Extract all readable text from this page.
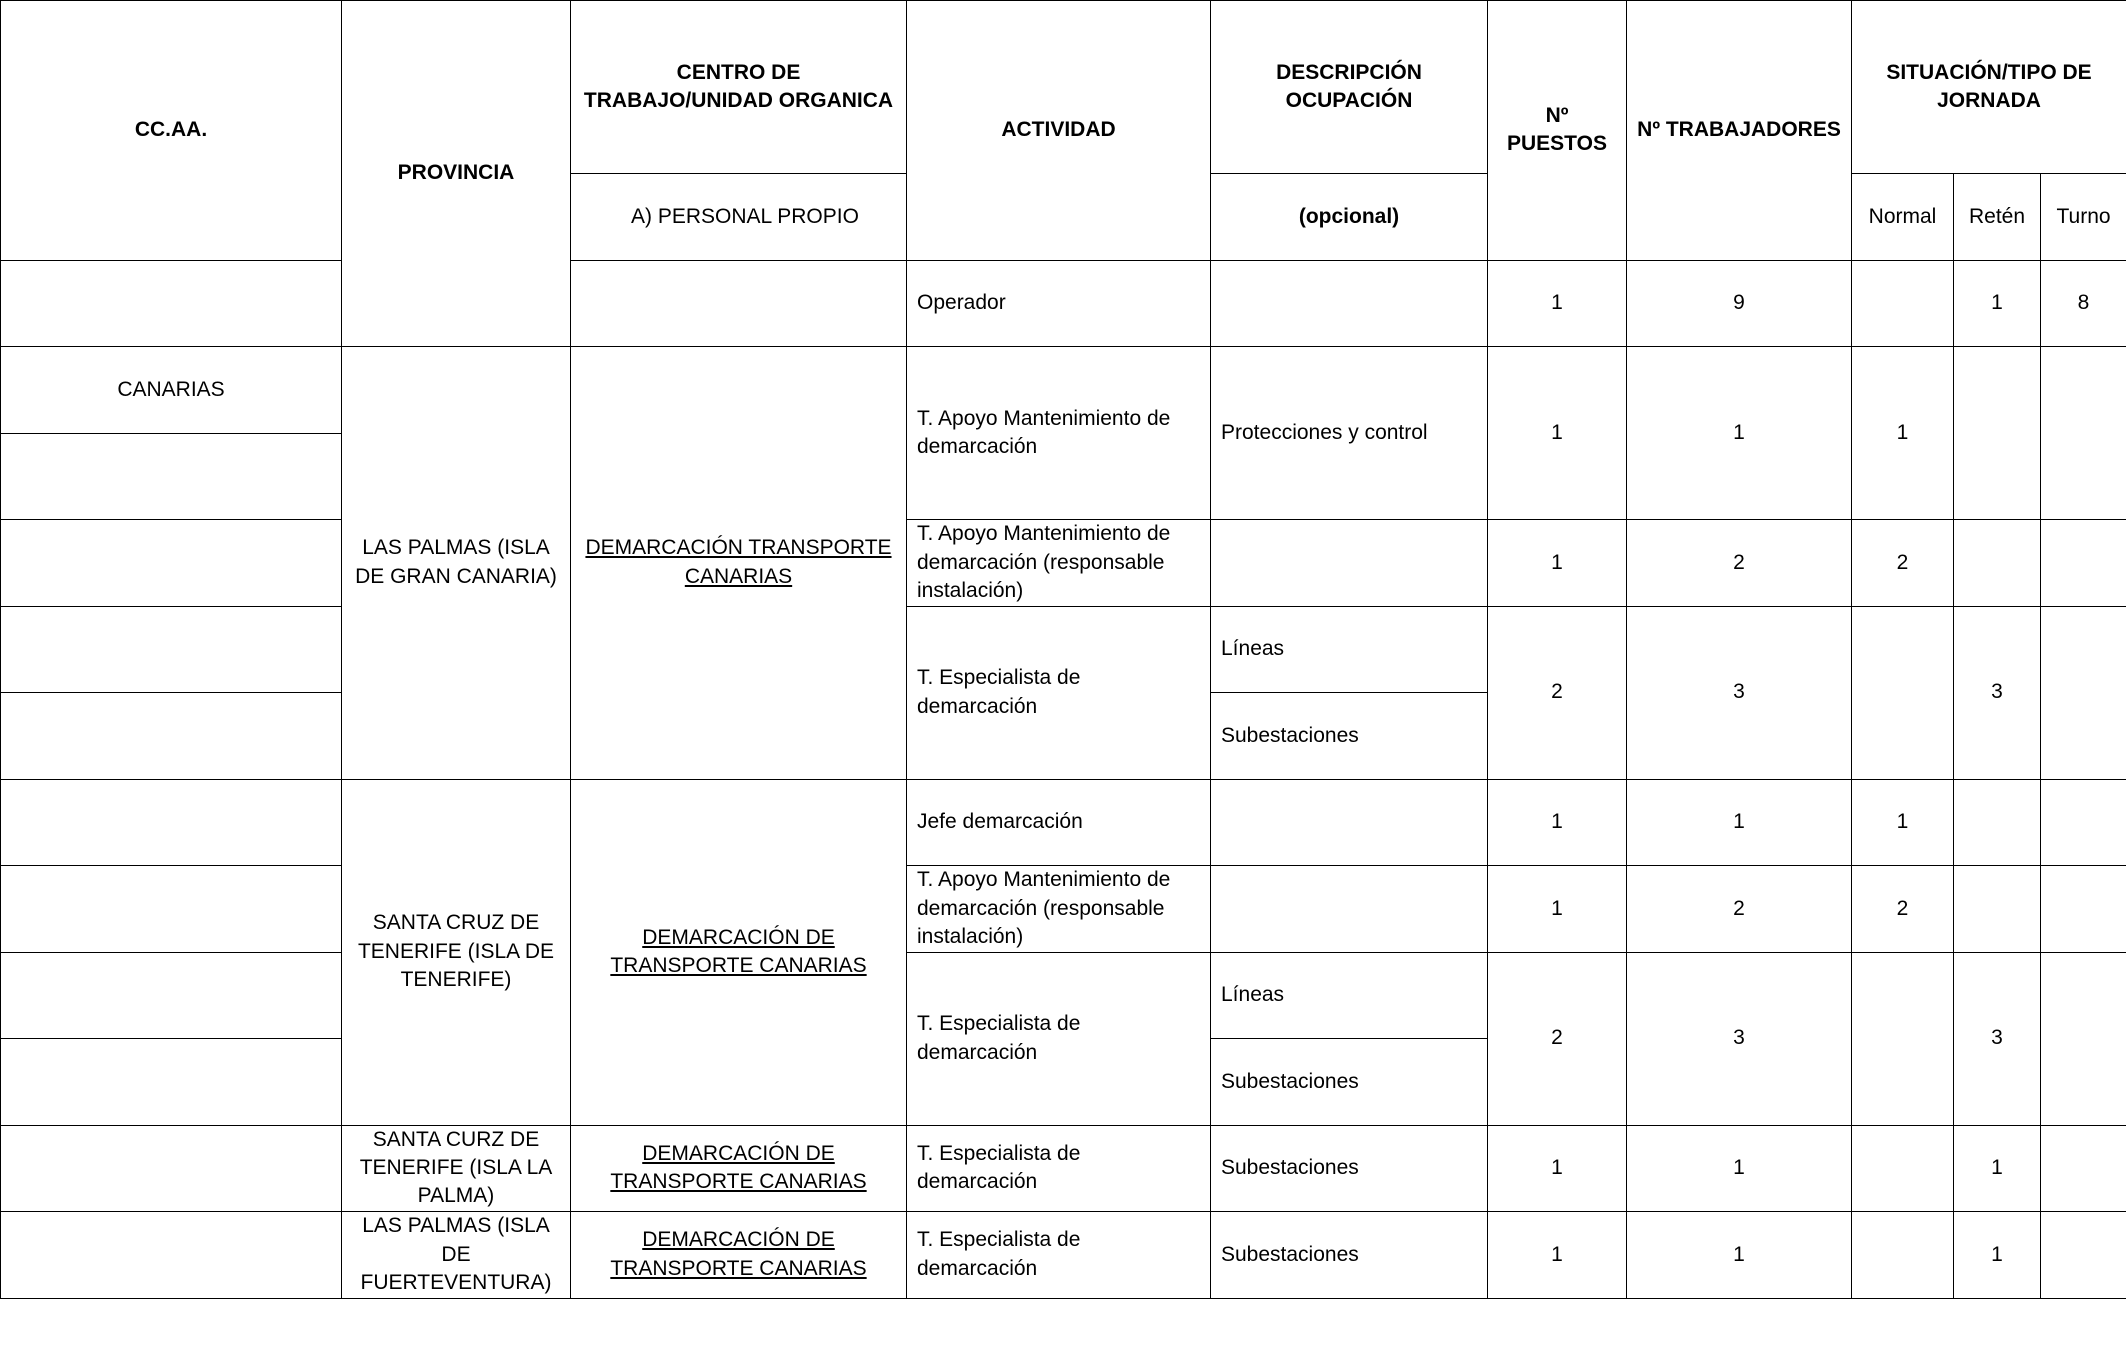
CC.AA.	PROVINCIA	CENTRO DE TRABAJO/UNIDAD ORGANICA	ACTIVIDAD	DESCRIPCIÓN OCUPACIÓN	Nº PUESTOS	Nº TRABAJADORES	SITUACIÓN/TIPO DE JORNADA		
		A) PERSONAL PROPIO		(opcional)			Normal	Retén	Turno
			Operador		1	9		1	8
CANARIAS	LAS PALMAS (ISLA DE GRAN CANARIA)	DEMARCACIÓN TRANSPORTE CANARIAS	T. Apoyo Mantenimiento de demarcación	Protecciones y control	1	1	1		

			T. Apoyo Mantenimiento de demarcación (responsable instalación)		1	2	2		
			T. Especialista de demarcación	Líneas	2	3		3	
				Subestaciones					
	SANTA CRUZ DE TENERIFE (ISLA DE TENERIFE)	DEMARCACIÓN DE TRANSPORTE CANARIAS	Jefe demarcación		1	1	1		
			T. Apoyo Mantenimiento de demarcación (responsable instalación)		1	2	2		
			T. Especialista de demarcación	Líneas	2	3		3	
				Subestaciones					
	SANTA CURZ DE TENERIFE (ISLA LA PALMA)	DEMARCACIÓN DE TRANSPORTE CANARIAS	T. Especialista de demarcación	Subestaciones	1	1		1	
	LAS PALMAS (ISLA DE FUERTEVENTURA)	DEMARCACIÓN DE TRANSPORTE CANARIAS	T. Especialista de demarcación	Subestaciones	1	1		1	
